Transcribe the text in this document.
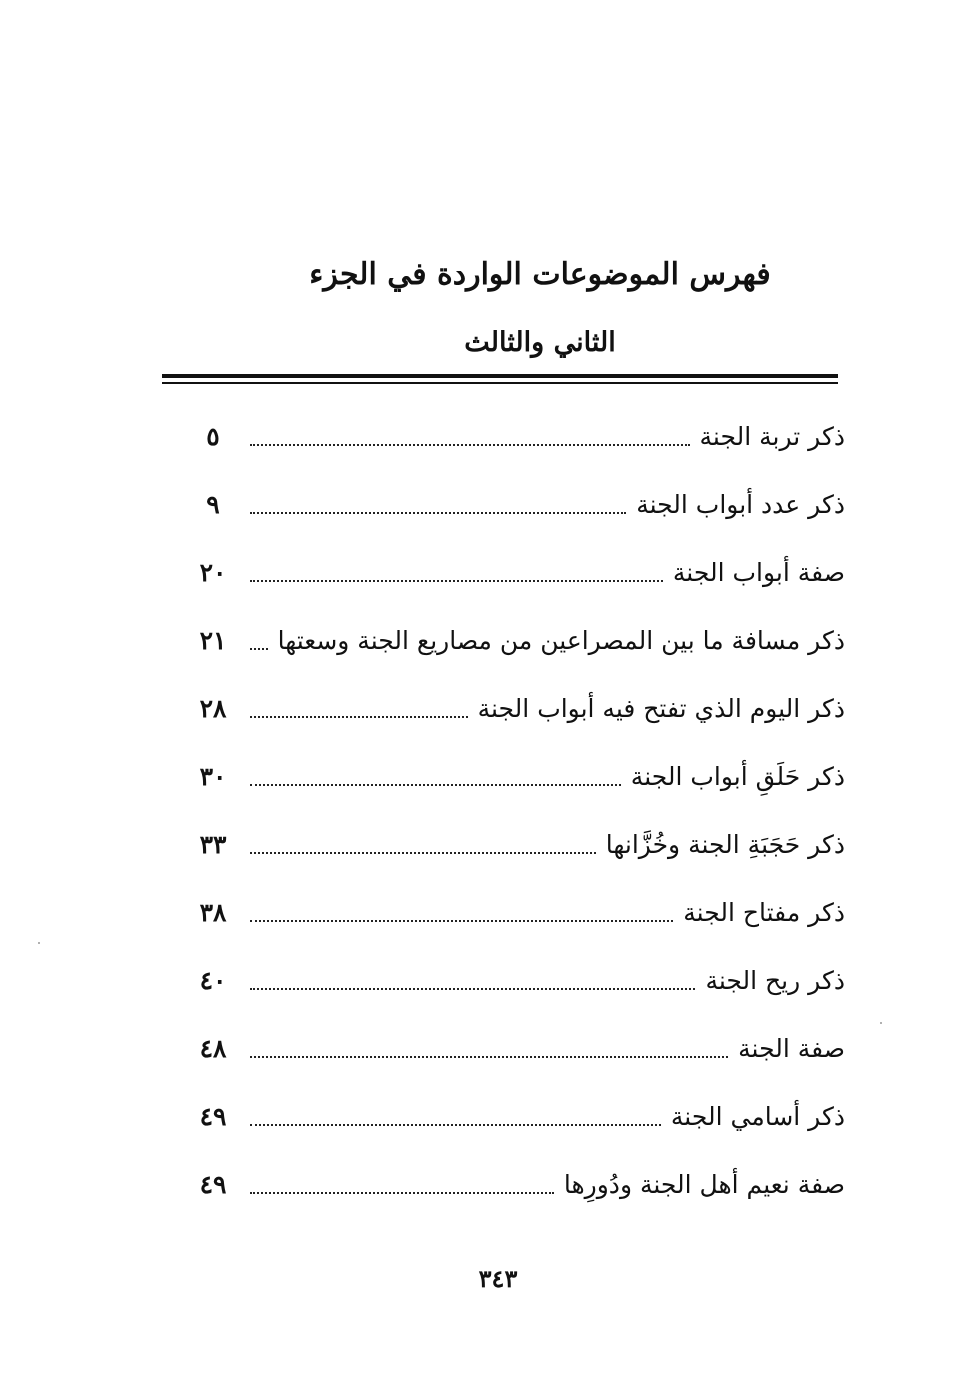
فهرس الموضوعات الواردة في الجزء
الثاني والثالث
ذكر تربة الجنة
٥
ذكر عدد أبواب الجنة
٩
صفة أبواب الجنة
٢٠
ذكر مسافة ما بين المصراعين من مصاريع الجنة وسعتها
٢١
ذكر اليوم الذي تفتح فيه أبواب الجنة
٢٨
ذكر حَلَقِ أبواب الجنة
٣٠
ذكر حَجَبَةِ الجنة وخُزَّانها
٣٣
ذكر مفتاح الجنة
٣٨
ذكر ريح الجنة
٤٠
صفة الجنة
٤٨
ذكر أسامي الجنة
٤٩
صفة نعيم أهل الجنة ودُورِها
٤٩
٣٤٣
